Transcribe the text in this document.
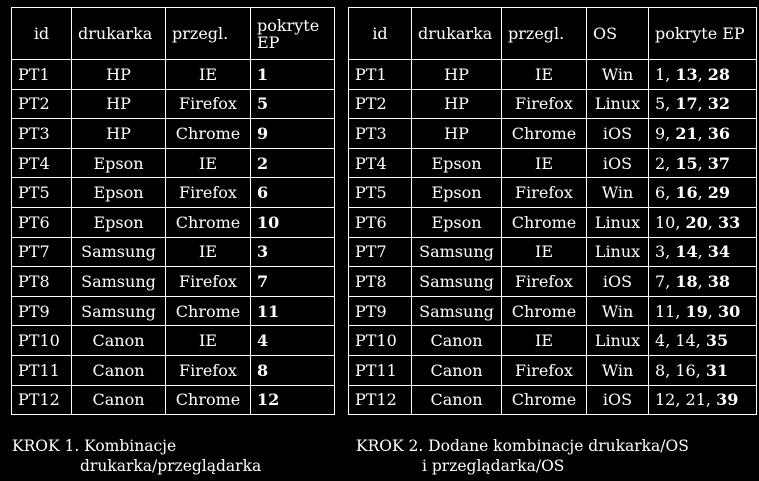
id	drukarka	przegl.	pokryte EP
PT1	HP	IE	1
PT2	HP	Firefox	5
PT3	HP	Chrome	9
PT4	Epson	IE	2
PT5	Epson	Firefox	6
PT6	Epson	Chrome	10
PT7	Samsung	IE	3
PT8	Samsung	Firefox	7
PT9	Samsung	Chrome	11
PT10	Canon	IE	4
PT11	Canon	Firefox	8
PT12	Canon	Chrome	12
id	drukarka	przegl.	OS	pokryte EP
PT1	HP	IE	Win	1, 13, 28
PT2	HP	Firefox	Linux	5, 17, 32
PT3	HP	Chrome	iOS	9, 21, 36
PT4	Epson	IE	iOS	2, 15, 37
PT5	Epson	Firefox	Win	6, 16, 29
PT6	Epson	Chrome	Linux	10, 20, 33
PT7	Samsung	IE	Linux	3, 14, 34
PT8	Samsung	Firefox	iOS	7, 18, 38
PT9	Samsung	Chrome	Win	11, 19, 30
PT10	Canon	IE	Linux	4, 14, 35
PT11	Canon	Firefox	Win	8, 16, 31
PT12	Canon	Chrome	iOS	12, 21, 39
KROK 1. Kombinacje
drukarka/przeglądarka
KROK 2. Dodane kombinacje drukarka/OS
i przeglądarka/OS
